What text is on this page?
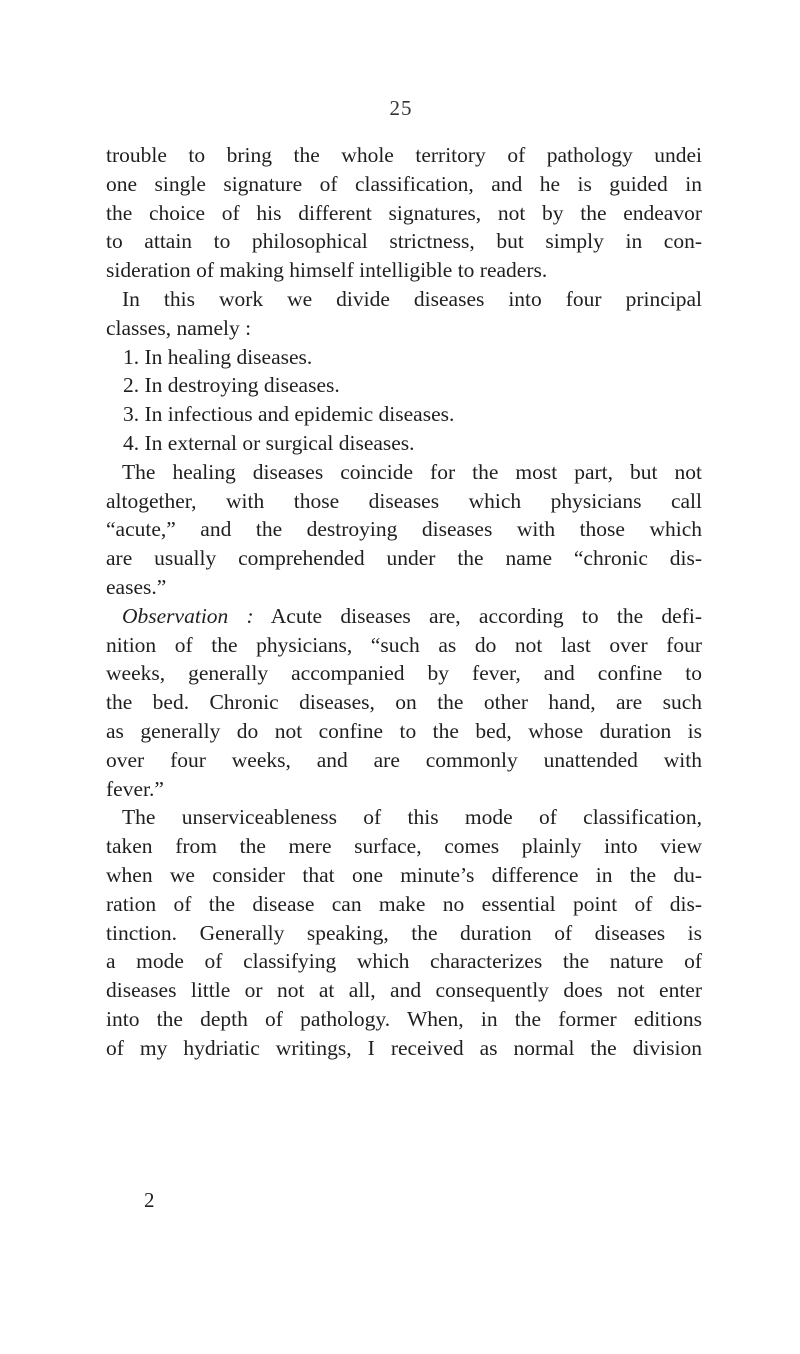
25
trouble to bring the whole territory of pathology undei
one single signature of classification, and he is guided in
the choice of his different signatures, not by the endeavor
to attain to philosophical strictness, but simply in con-
sideration of making himself intelligible to readers.
In this work we divide diseases into four principal
classes, namely :
1. In healing diseases.
2. In destroying diseases.
3. In infectious and epidemic diseases.
4. In external or surgical diseases.
The healing diseases coincide for the most part, but not
altogether, with those diseases which physicians call
“acute,” and the destroying diseases with those which
are usually comprehended under the name “chronic dis-
eases.”
Observation : Acute diseases are, according to the defi-
nition of the physicians, “such as do not last over four
weeks, generally accompanied by fever, and confine to
the bed. Chronic diseases, on the other hand, are such
as generally do not confine to the bed, whose duration is
over four weeks, and are commonly unattended with
fever.”
The unserviceableness of this mode of classification,
taken from the mere surface, comes plainly into view
when we consider that one minute’s difference in the du-
ration of the disease can make no essential point of dis-
tinction. Generally speaking, the duration of diseases is
a mode of classifying which characterizes the nature of
diseases little or not at all, and consequently does not enter
into the depth of pathology. When, in the former editions
of my hydriatic writings, I received as normal the division
2
